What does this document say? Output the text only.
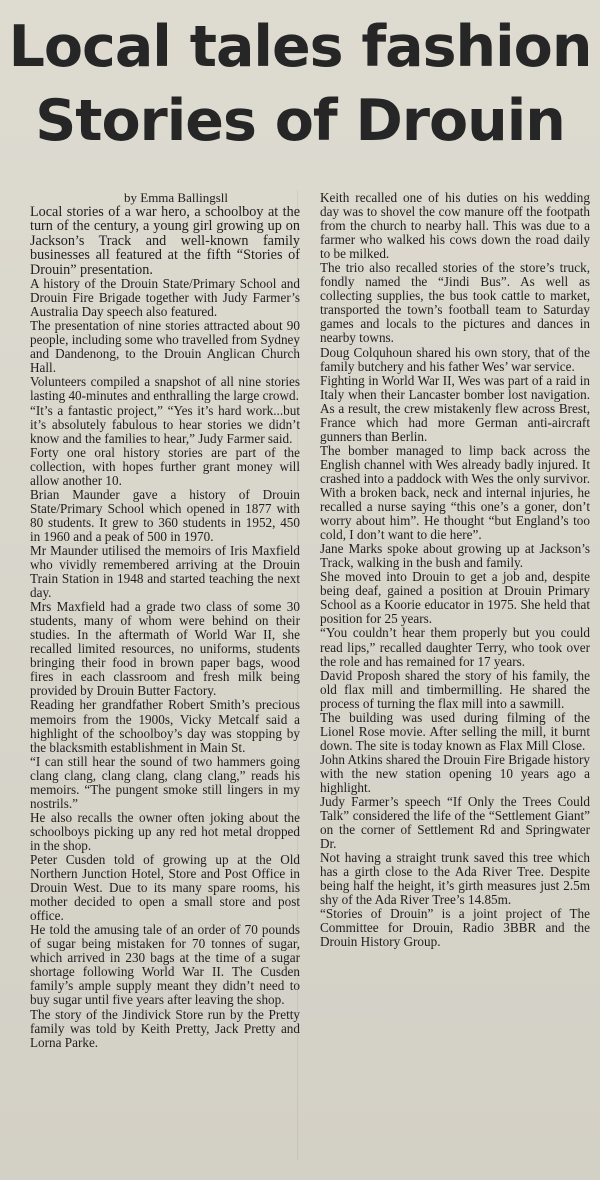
Local tales fashion
Stories of Drouin

by Emma Ballingsll

Local stories of a war hero, a schoolboy at the turn of the century, a young girl growing up on Jackson’s Track and well-known family businesses all featured at the fifth “Stories of Drouin” presentation.

A history of the Drouin State/Primary School and Drouin Fire Brigade together with Judy Farmer’s Australia Day speech also featured.

The presentation of nine stories attracted about 90 people, including some who travelled from Sydney and Dandenong, to the Drouin Anglican Church Hall.

Volunteers compiled a snapshot of all nine stories lasting 40-minutes and enthralling the large crowd.

“It’s a fantastic project,” “Yes it’s hard work...but it’s absolutely fabulous to hear stories we didn’t know and the families to hear,” Judy Farmer said.

Forty one oral history stories are part of the collection, with hopes further grant money will allow another 10.

Brian Maunder gave a history of Drouin State/Primary School which opened in 1877 with 80 students. It grew to 360 students in 1952, 450 in 1960 and a peak of 500 in 1970.

Mr Maunder utilised the memoirs of Iris Maxfield who vividly remembered arriving at the Drouin Train Station in 1948 and started teaching the next day.

Mrs Maxfield had a grade two class of some 30 students, many of whom were behind on their studies. In the aftermath of World War II, she recalled limited resources, no uniforms, students bringing their food in brown paper bags, wood fires in each classroom and fresh milk being provided by Drouin Butter Factory.

Reading her grandfather Robert Smith’s precious memoirs from the 1900s, Vicky Metcalf said a highlight of the schoolboy’s day was stopping by the blacksmith establishment in Main St.

“I can still hear the sound of two hammers going clang clang, clang clang, clang clang,” reads his memoirs. “The pungent smoke still lingers in my nostrils.”

He also recalls the owner often joking about the schoolboys picking up any red hot metal dropped in the shop.

Peter Cusden told of growing up at the Old Northern Junction Hotel, Store and Post Office in Drouin West. Due to its many spare rooms, his mother decided to open a small store and post office.

He told the amusing tale of an order of 70 pounds of sugar being mistaken for 70 tonnes of sugar, which arrived in 230 bags at the time of a sugar shortage following World War II. The Cusden family’s ample supply meant they didn’t need to buy sugar until five years after leaving the shop.

The story of the Jindivick Store run by the Pretty family was told by Keith Pretty, Jack Pretty and Lorna Parke.

Keith recalled one of his duties on his wedding day was to shovel the cow manure off the footpath from the church to nearby hall. This was due to a farmer who walked his cows down the road daily to be milked.

The trio also recalled stories of the store’s truck, fondly named the “Jindi Bus”. As well as collecting supplies, the bus took cattle to market, transported the town’s football team to Saturday games and locals to the pictures and dances in nearby towns.

Doug Colquhoun shared his own story, that of the family butchery and his father Wes’ war service.

Fighting in World War II, Wes was part of a raid in Italy when their Lancaster bomber lost navigation. As a result, the crew mistakenly flew across Brest, France which had more German anti-aircraft gunners than Berlin.

The bomber managed to limp back across the English channel with Wes already badly injured. It crashed into a paddock with Wes the only survivor. With a broken back, neck and internal injuries, he recalled a nurse saying “this one’s a goner, don’t worry about him”. He thought “but England’s too cold, I don’t want to die here”.

Jane Marks spoke about growing up at Jackson’s Track, walking in the bush and family.

She moved into Drouin to get a job and, despite being deaf, gained a position at Drouin Primary School as a Koorie educator in 1975. She held that position for 25 years.

“You couldn’t hear them properly but you could read lips,” recalled daughter Terry, who took over the role and has remained for 17 years.

David Proposh shared the story of his family, the old flax mill and timbermilling. He shared the process of turning the flax mill into a sawmill.

The building was used during filming of the Lionel Rose movie. After selling the mill, it burnt down. The site is today known as Flax Mill Close.

John Atkins shared the Drouin Fire Brigade history with the new station opening 10 years ago a highlight.

Judy Farmer’s speech “If Only the Trees Could Talk” considered the life of the “Settlement Giant” on the corner of Settlement Rd and Springwater Dr.

Not having a straight trunk saved this tree which has a girth close to the Ada River Tree. Despite being half the height, it’s girth measures just 2.5m shy of the Ada River Tree’s 14.85m.

“Stories of Drouin” is a joint project of The Committee for Drouin, Radio 3BBR and the Drouin History Group.
